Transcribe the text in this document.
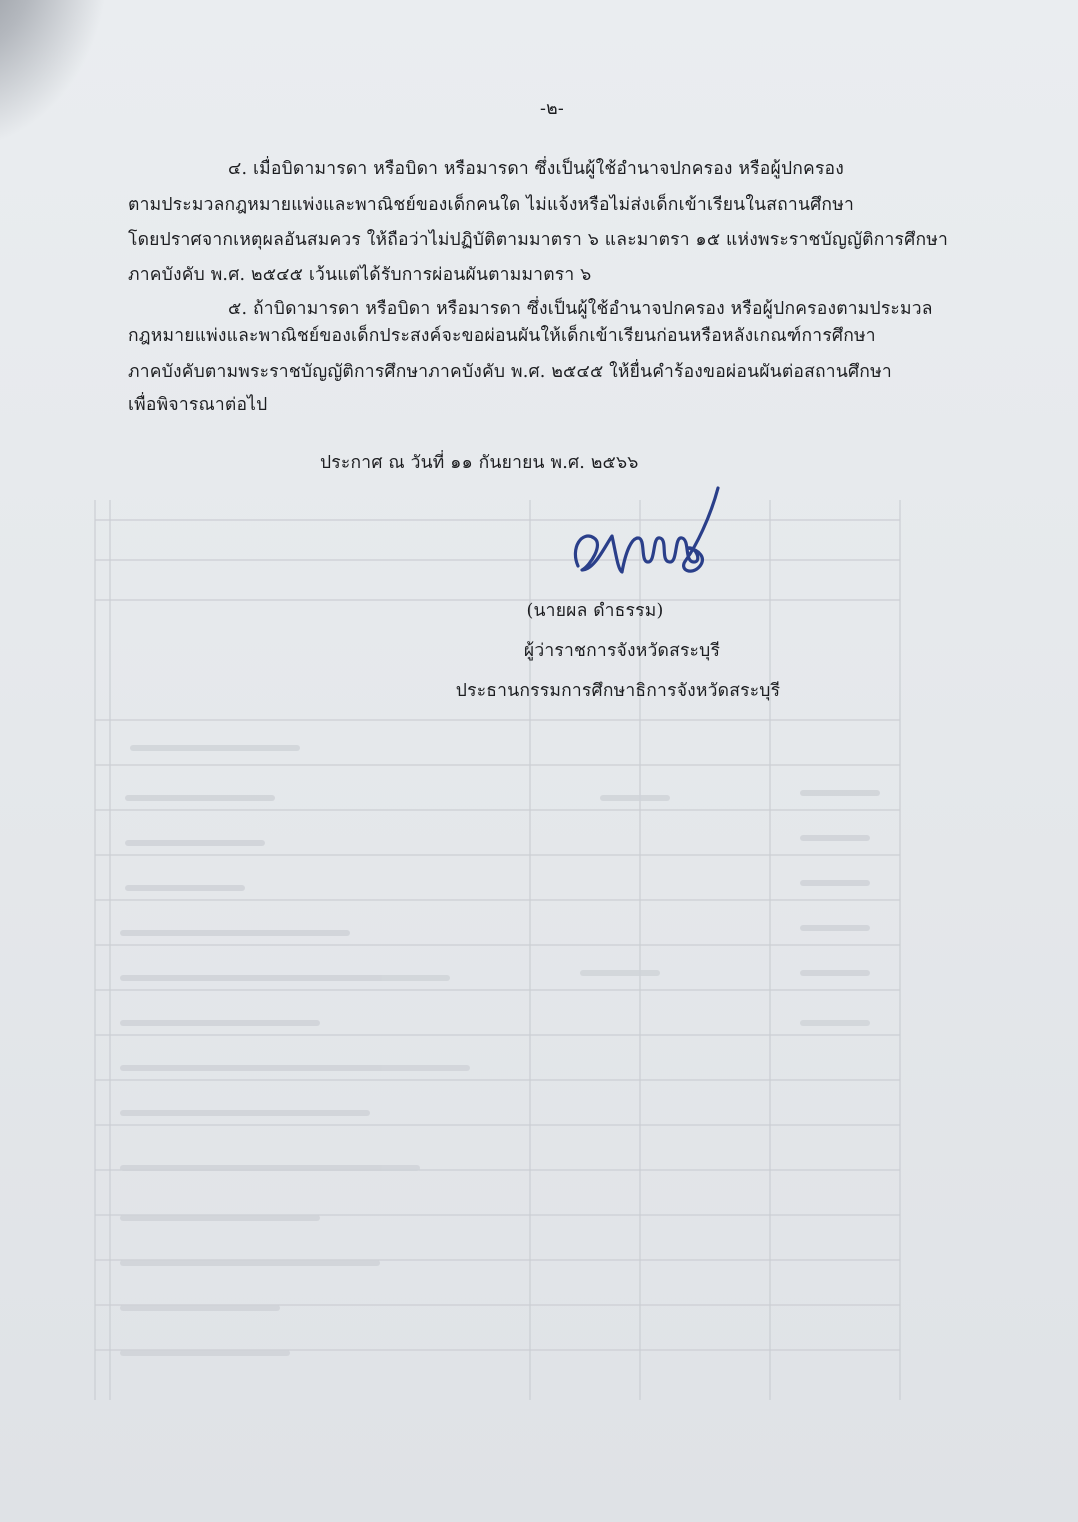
-๒-
๔. เมื่อบิดามารดา หรือบิดา หรือมารดา ซึ่งเป็นผู้ใช้อำนาจปกครอง หรือผู้ปกครอง
ตามประมวลกฎหมายแพ่งและพาณิชย์ของเด็กคนใด ไม่แจ้งหรือไม่ส่งเด็กเข้าเรียนในสถานศึกษา
โดยปราศจากเหตุผลอันสมควร ให้ถือว่าไม่ปฏิบัติตามมาตรา ๖ และมาตรา ๑๕ แห่งพระราชบัญญัติการศึกษา
ภาคบังคับ พ.ศ. ๒๕๔๕ เว้นแต่ได้รับการผ่อนผันตามมาตรา ๖
๕. ถ้าบิดามารดา หรือบิดา หรือมารดา ซึ่งเป็นผู้ใช้อำนาจปกครอง หรือผู้ปกครองตามประมวล
กฎหมายแพ่งและพาณิชย์ของเด็กประสงค์จะขอผ่อนผันให้เด็กเข้าเรียนก่อนหรือหลังเกณฑ์การศึกษา
ภาคบังคับตามพระราชบัญญัติการศึกษาภาคบังคับ พ.ศ. ๒๕๔๕ ให้ยื่นคำร้องขอผ่อนผันต่อสถานศึกษา
เพื่อพิจารณาต่อไป
ประกาศ ณ วันที่ ๑๑ กันยายน พ.ศ. ๒๕๖๖
(นายผล ดำธรรม)
ผู้ว่าราชการจังหวัดสระบุรี
ประธานกรรมการศึกษาธิการจังหวัดสระบุรี
